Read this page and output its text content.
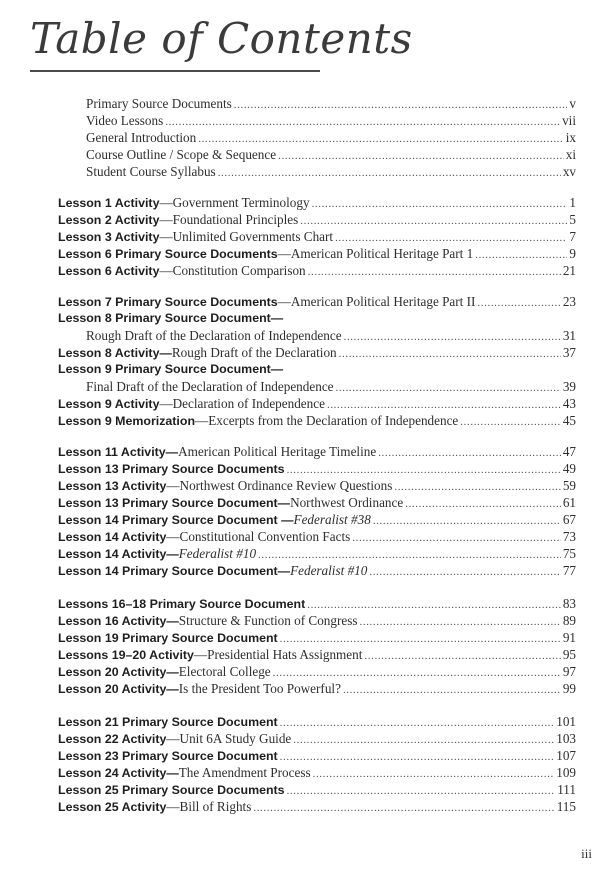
Table of Contents
Primary Source Documents .....	v
Video Lessons .....	vii
General Introduction .....	ix
Course Outline / Scope & Sequence .....	xi
Student Course Syllabus .....	xv
Lesson 1 Activity — Government Terminology .....	1
Lesson 2 Activity — Foundational Principles .....	5
Lesson 3 Activity — Unlimited Governments Chart .....	7
Lesson 6 Primary Source Documents — American Political Heritage Part 1 .....	9
Lesson 6 Activity — Constitution Comparison .....	21
Lesson 7 Primary Source Documents — American Political Heritage Part II .....	23
Lesson 8 Primary Source Document—
Rough Draft of the Declaration of Independence .....	31
Lesson 8 Activity— Rough Draft of the Declaration .....	37
Lesson 9 Primary Source Document—
Final Draft of the Declaration of Independence .....	39
Lesson 9 Activity — Declaration of Independence .....	43
Lesson 9 Memorization — Excerpts from the Declaration of Independence .....	45
Lesson 11 Activity— American Political Heritage Timeline .....	47
Lesson 13 Primary Source Documents .....	49
Lesson 13 Activity — Northwest Ordinance Review Questions .....	59
Lesson 13 Primary Source Document— Northwest Ordinance .....	61
Lesson 14 Primary Source Document — Federalist #38 .....	67
Lesson 14 Activity — Constitutional Convention Facts .....	73
Lesson 14 Activity— Federalist #10 .....	75
Lesson 14 Primary Source Document— Federalist #10 .....	77
Lessons 16–18 Primary Source Document .....	83
Lesson 16 Activity— Structure & Function of Congress .....	89
Lesson 19 Primary Source Document .....	91
Lessons 19–20 Activity — Presidential Hats Assignment .....	95
Lesson 20 Activity— Electoral College .....	97
Lesson 20 Activity— Is the President Too Powerful? .....	99
Lesson 21 Primary Source Document .....	101
Lesson 22 Activity — Unit 6A Study Guide .....	103
Lesson 23 Primary Source Document .....	107
Lesson 24 Activity— The Amendment Process .....	109
Lesson 25 Primary Source Documents .....	111
Lesson 25 Activity — Bill of Rights .....	115
iii
